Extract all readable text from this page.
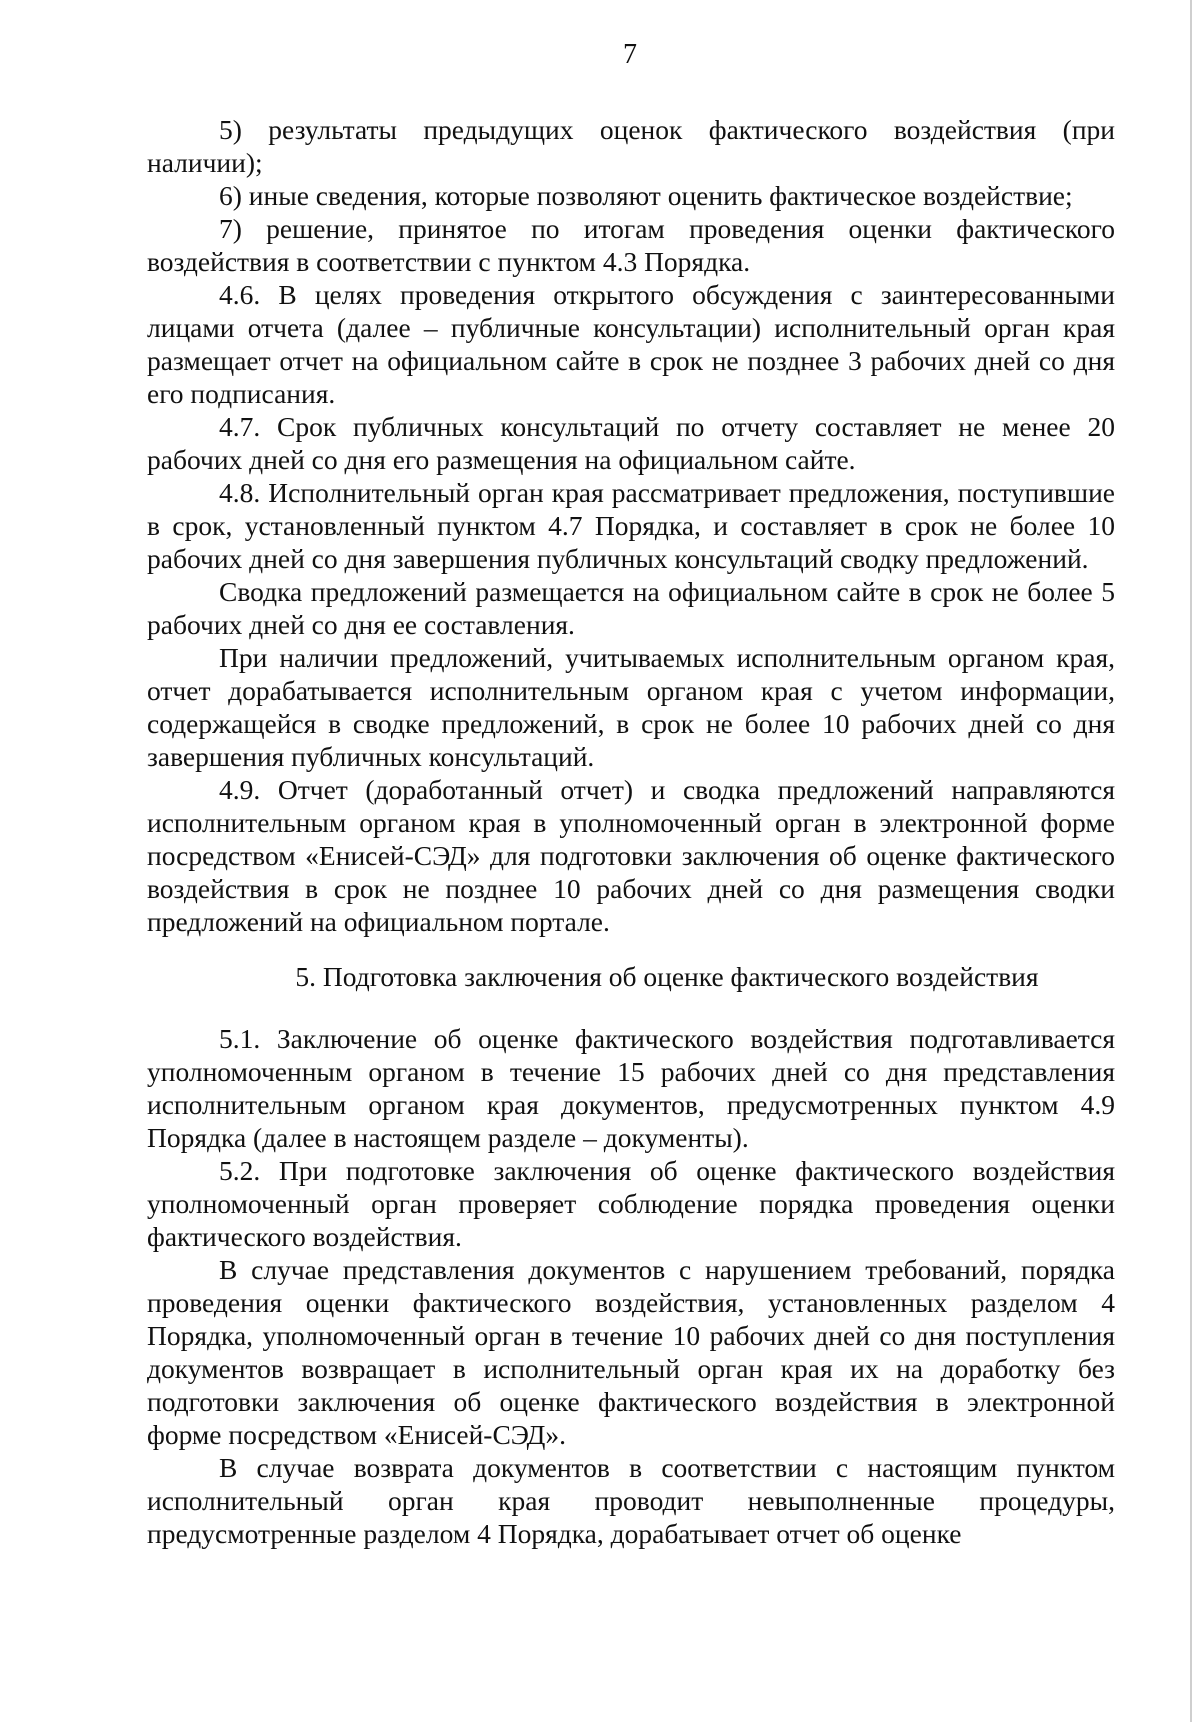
7

5) результаты предыдущих оценок фактического воздействия (при наличии);

6) иные сведения, которые позволяют оценить фактическое воздействие;

7) решение, принятое по итогам проведения оценки фактического воздействия в соответствии с пунктом 4.3 Порядка.

4.6. В целях проведения открытого обсуждения с заинтересованными лицами отчета (далее – публичные консультации) исполнительный орган края размещает отчет на официальном сайте в срок не позднее 3 рабочих дней со дня его подписания.

4.7. Срок публичных консультаций по отчету составляет не менее 20 рабочих дней со дня его размещения на официальном сайте.

4.8. Исполнительный орган края рассматривает предложения, поступившие в срок, установленный пунктом 4.7 Порядка, и составляет в срок не более 10 рабочих дней со дня завершения публичных консультаций сводку предложений.

Сводка предложений размещается на официальном сайте в срок не более 5 рабочих дней со дня ее составления.

При наличии предложений, учитываемых исполнительным органом края, отчет дорабатывается исполнительным органом края с учетом информации, содержащейся в сводке предложений, в срок не более 10 рабочих дней со дня завершения публичных консультаций.

4.9. Отчет (доработанный отчет) и сводка предложений направляются исполнительным органом края в уполномоченный орган в электронной форме посредством «Енисей-СЭД» для подготовки заключения об оценке фактического воздействия в срок не позднее 10 рабочих дней со дня размещения сводки предложений на официальном портале.

5. Подготовка заключения об оценке фактического воздействия

5.1. Заключение об оценке фактического воздействия подготавливается уполномоченным органом в течение 15 рабочих дней со дня представления исполнительным органом края документов, предусмотренных пунктом 4.9 Порядка (далее в настоящем разделе – документы).

5.2. При подготовке заключения об оценке фактического воздействия уполномоченный орган проверяет соблюдение порядка проведения оценки фактического воздействия.

В случае представления документов с нарушением требований, порядка проведения оценки фактического воздействия, установленных разделом 4 Порядка, уполномоченный орган в течение 10 рабочих дней со дня поступления документов возвращает в исполнительный орган края их на доработку без подготовки заключения об оценке фактического воздействия в электронной форме посредством «Енисей-СЭД».

В случае возврата документов в соответствии с настоящим пунктом исполнительный орган края проводит невыполненные процедуры, предусмотренные разделом 4 Порядка, дорабатывает отчет об оценке
